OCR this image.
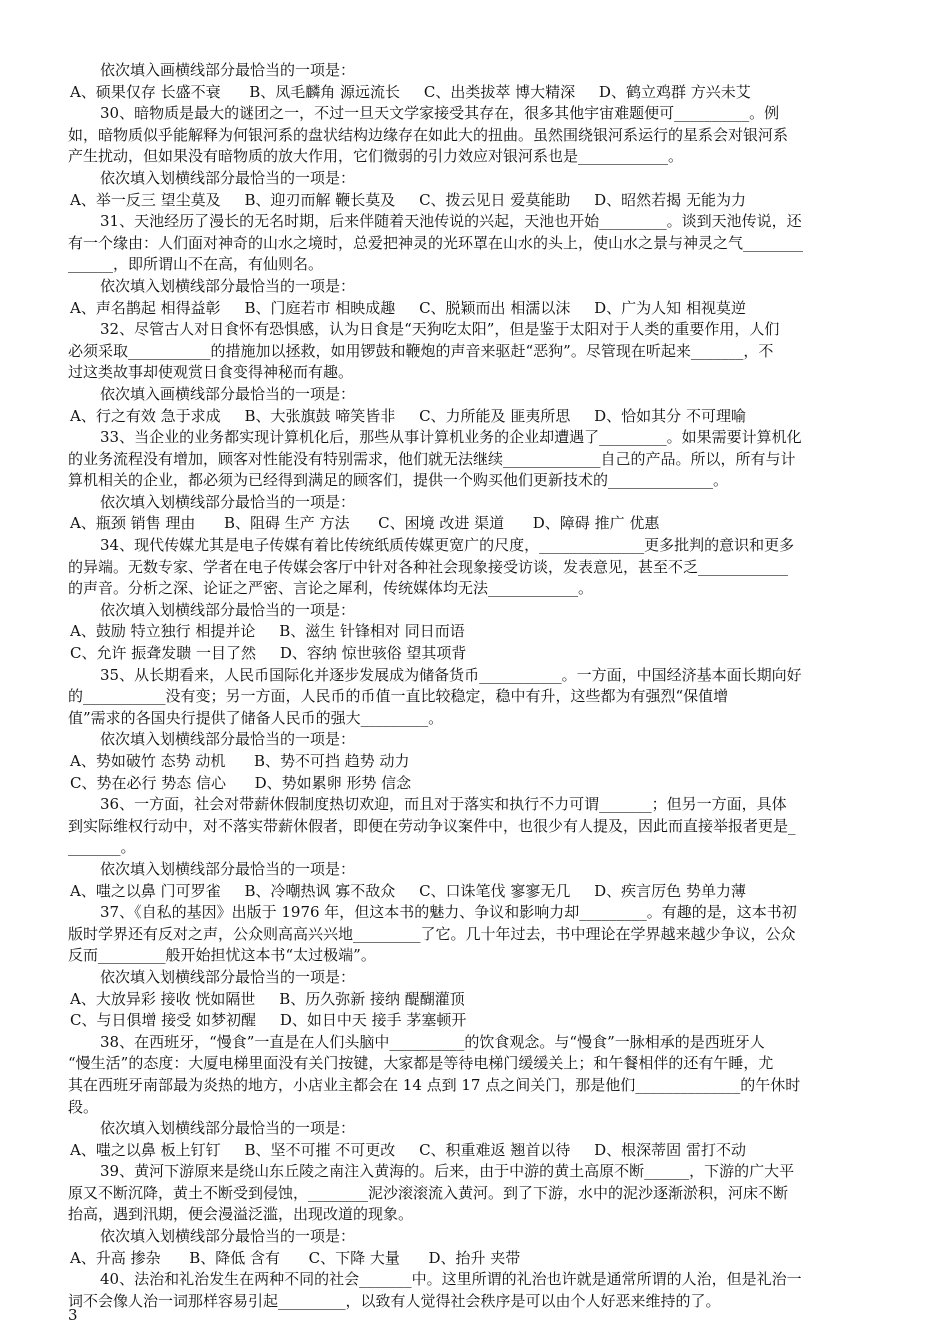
依次填入画横线部分最恰当的一项是：
A、硕果仅存 长盛不衰      B、凤毛麟角 源远流长     C、出类拔萃 博大精深     D、鹤立鸡群 方兴未艾
30、暗物质是最大的谜团之一，不过一旦天文学家接受其存在，很多其他宇宙难题便可__________。例
如，暗物质似乎能解释为何银河系的盘状结构边缘存在如此大的扭曲。虽然围绕银河系运行的星系会对银河系
产生扰动，但如果没有暗物质的放大作用，它们微弱的引力效应对银河系也是____________。
依次填入划横线部分最恰当的一项是：
A、举一反三 望尘莫及     B、迎刃而解 鞭长莫及     C、拨云见日 爱莫能助     D、昭然若揭 无能为力
31、天池经历了漫长的无名时期，后来伴随着天池传说的兴起，天池也开始_________。谈到天池传说，还
有一个缘由：人们面对神奇的山水之境时，总爱把神灵的光环罩在山水的头上，使山水之景与神灵之气________
______，即所谓山不在高，有仙则名。
依次填入划横线部分最恰当的一项是：
A、声名鹊起 相得益彰     B、门庭若市 相映成趣     C、脱颖而出 相濡以沫     D、广为人知 相视莫逆
32、尽管古人对日食怀有恐惧感，认为日食是“天狗吃太阳”，但是鉴于太阳对于人类的重要作用，人们
必须采取___________的措施加以拯救，如用锣鼓和鞭炮的声音来驱赶“恶狗”。尽管现在听起来_______，不
过这类故事却使观赏日食变得神秘而有趣。
依次填入画横线部分最恰当的一项是：
A、行之有效 急于求成     B、大张旗鼓 啼笑皆非     C、力所能及 匪夷所思     D、恰如其分 不可理喻
33、当企业的业务都实现计算机化后，那些从事计算机业务的企业却遭遇了_________。如果需要计算机化
的业务流程没有增加，顾客对性能没有特别需求，他们就无法继续_____________自己的产品。所以，所有与计
算机相关的企业，都必须为已经得到满足的顾客们，提供一个购买他们更新技术的______________。
依次填入划横线部分最恰当的一项是：
A、瓶颈 销售 理由      B、阻碍 生产 方法      C、困境 改进 渠道      D、障碍 推广 优惠
34、现代传媒尤其是电子传媒有着比传统纸质传媒更宽广的尺度，______________更多批判的意识和更多
的异端。无数专家、学者在电子传媒会客厅中针对各种社会现象接受访谈，发表意见，甚至不乏____________
的声音。分析之深、论证之严密、言论之犀利，传统媒体均无法____________。
依次填入划横线部分最恰当的一项是：
A、鼓励 特立独行 相提并论     B、滋生 针锋相对 同日而语
C、允许 振聋发聩 一目了然     D、容纳 惊世骇俗 望其项背
35、从长期看来，人民币国际化并逐步发展成为储备货币___________。一方面，中国经济基本面长期向好
的___________没有变；另一方面，人民币的币值一直比较稳定，稳中有升，这些都为有强烈“保值增
值”需求的各国央行提供了储备人民币的强大_________。
依次填入划横线部分最恰当的一项是：
A、势如破竹 态势 动机      B、势不可挡 趋势 动力
C、势在必行 势态 信心      D、势如累卵 形势 信念
36、一方面，社会对带薪休假制度热切欢迎，而且对于落实和执行不力可谓_______；但另一方面，具体
到实际维权行动中，对不落实带薪休假者，即便在劳动争议案件中，也很少有人提及，因此而直接举报者更是_
_______。
依次填入划横线部分最恰当的一项是：
A、嗤之以鼻 门可罗雀     B、冷嘲热讽 寡不敌众     C、口诛笔伐 寥寥无几     D、疾言厉色 势单力薄
37、《自私的基因》出版于 1976 年，但这本书的魅力、争议和影响力却_________。有趣的是，这本书初
版时学界还有反对之声，公众则高高兴兴地_________了它。几十年过去，书中理论在学界越来越少争议，公众
反而_________般开始担忧这本书“太过极端”。
依次填入划横线部分最恰当的一项是：
A、大放异彩 接收 恍如隔世     B、历久弥新 接纳 醍醐灌顶
C、与日俱增 接受 如梦初醒     D、如日中天 接手 茅塞顿开
38、在西班牙，“慢食”一直是在人们头脑中__________的饮食观念。与“慢食”一脉相承的是西班牙人
“慢生活”的态度：大厦电梯里面没有关门按键，大家都是等待电梯门缓缓关上；和午餐相伴的还有午睡，尤
其在西班牙南部最为炎热的地方，小店业主都会在 14 点到 17 点之间关门，那是他们______________的午休时
段。
依次填入划横线部分最恰当的一项是：
A、嗤之以鼻 板上钉钉     B、坚不可摧 不可更改     C、积重难返 翘首以待     D、根深蒂固 雷打不动
39、黄河下游原来是绕山东丘陵之南注入黄海的。后来，由于中游的黄土高原不断______，下游的广大平
原又不断沉降，黄土不断受到侵蚀，________泥沙滚滚流入黄河。到了下游，水中的泥沙逐渐淤积，河床不断
抬高，遇到汛期，便会漫溢泛滥，出现改道的现象。
依次填入划横线部分最恰当的一项是：
A、升高 掺杂      B、降低 含有      C、下降 大量      D、抬升 夹带
40、法治和礼治发生在两种不同的社会_______中。这里所谓的礼治也许就是通常所谓的人治，但是礼治一
词不会像人治一词那样容易引起_________，以致有人觉得社会秩序是可以由个人好恶来维持的了。
3
